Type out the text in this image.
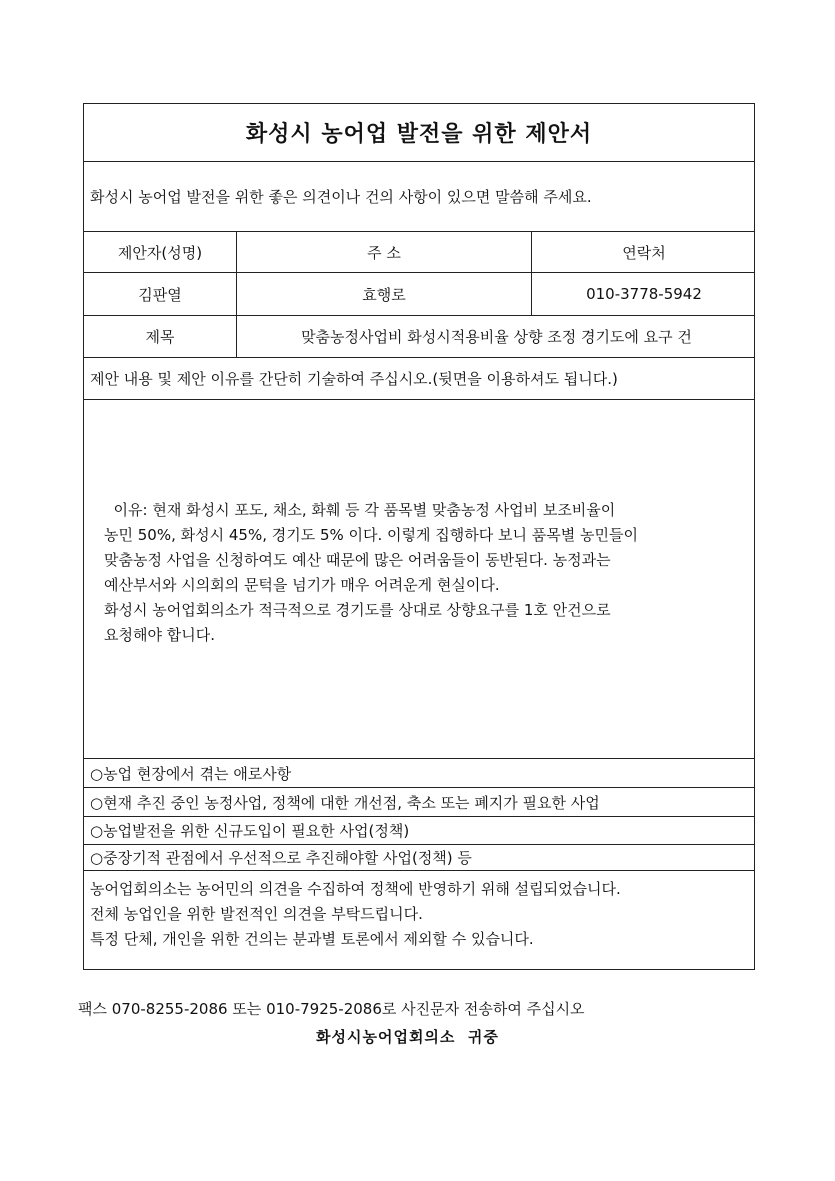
화성시 농어업 발전을 위한 제안서
화성시 농어업 발전을 위한 좋은 의견이나 건의 사항이 있으면 말씀해 주세요.
제안자(성명)	주 소	연락처
김판열	효행로	010-3778-5942
제목	맞춤농정사업비 화성시적용비율 상향 조정 경기도에 요구 건
제안 내용 및 제안 이유를 간단히 기술하여 주십시오.(뒷면을 이용하셔도 됩니다.)

이유: 현재 화성시 포도, 채소, 화훼 등 각 품목별 맞춤농정 사업비 보조비율이

농민 50%, 화성시 45%, 경기도 5% 이다. 이렇게 집행하다 보니 품목별 농민들이

맞춤농정 사업을 신청하여도 예산 때문에 많은 어려움들이 동반된다. 농정과는

예산부서와 시의회의 문턱을 넘기가 매우 어려운게 현실이다.

화성시 농어업회의소가 적극적으로 경기도를 상대로 상향요구를 1호 안건으로

요청해야 합니다.

○농업 현장에서 겪는 애로사항
○현재 추진 중인 농정사업, 정책에 대한 개선점, 축소 또는 폐지가 필요한 사업
○농업발전을 위한 신규도입이 필요한 사업(정책)
○중장기적 관점에서 우선적으로 추진해야할 사업(정책) 등

농어업회의소는 농어민의 의견을 수집하여 정책에 반영하기 위해 설립되었습니다.

전체 농업인을 위한 발전적인 의견을 부탁드립니다.

특정 단체, 개인을 위한 건의는 분과별 토론에서 제외할 수 있습니다.

팩스 070-8255-2086 또는 010-7925-2086로 사진문자 전송하여 주십시오
화성시농어업회의소  귀중
